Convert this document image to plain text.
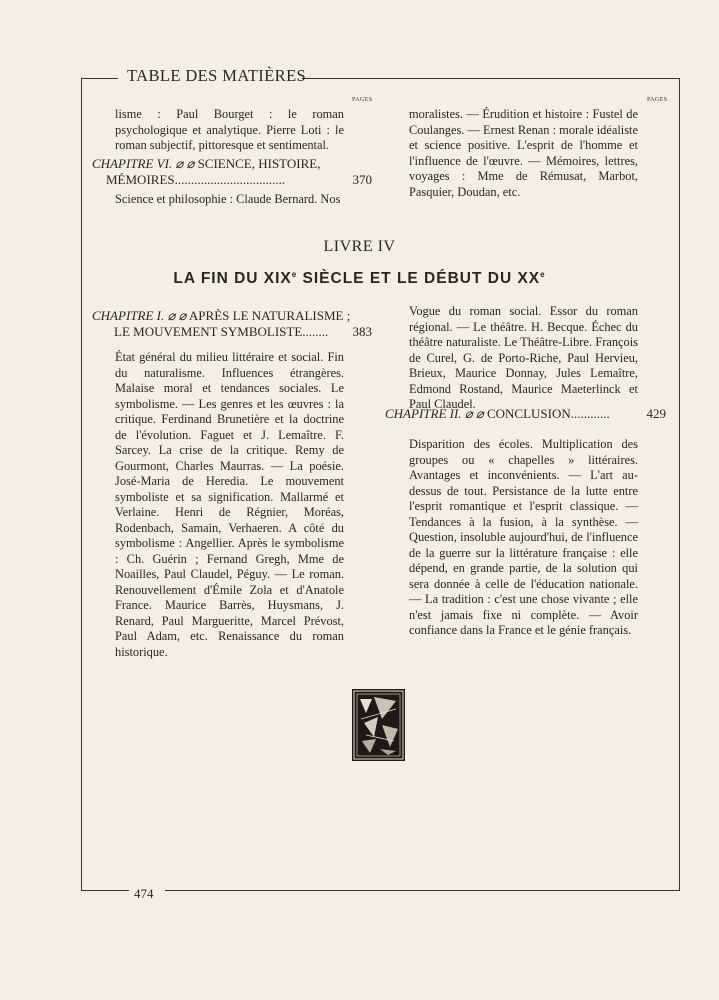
TABLE DES MATIÈRES
PAGES	PAGES

lisme : Paul Bourget : le roman psychologique et analytique. Pierre Loti : le roman subjectif, pittoresque et sentimental.

CHAPITRE VI. ⌀ ⌀ SCIENCE, HISTOIRE,
MÉMOIRES..................................	370

Science et philosophie : Claude Bernard. Nos

moralistes. — Érudition et histoire : Fustel de Coulanges. — Ernest Renan : morale idéaliste et science positive. L'esprit de l'homme et l'influence de l'œuvre. — Mémoires, lettres, voyages : Mme de Rémusat, Marbot, Pasquier, Doudan, etc.

LIVRE IV
LA FIN DU XIXe SIÈCLE ET LE DÉBUT DU XXe
CHAPITRE I. ⌀ ⌀ APRÈS LE NATURALISME ;
LE MOUVEMENT SYMBOLISTE........ 383

État général du milieu littéraire et social. Fin du naturalisme. Influences étrangères. Malaise moral et tendances sociales. Le symbolisme. — Les genres et les œuvres : la critique. Ferdinand Brunetière et la doctrine de l'évolution. Faguet et J. Lemaître. F. Sarcey. La crise de la critique. Remy de Gourmont, Charles Maurras. — La poésie. José-Maria de Heredia. Le mouvement symboliste et sa signification. Mallarmé et Verlaine. Henri de Régnier, Moréas, Rodenbach, Samain, Verhaeren. A côté du symbolisme : Angellier. Après le symbolisme : Ch. Guérin ; Fernand Gregh, Mme de Noailles, Paul Claudel, Péguy. — Le roman. Renouvellement d'Émile Zola et d'Anatole France. Maurice Barrès, Huysmans, J. Renard, Paul Margueritte, Marcel Prévost, Paul Adam, etc. Renaissance du roman historique.

Vogue du roman social. Essor du roman régional. — Le théâtre. H. Becque. Échec du théâtre naturaliste. Le Théâtre-Libre. François de Curel, G. de Porto-Riche, Paul Hervieu, Brieux, Maurice Donnay, Jules Lemaître, Edmond Rostand, Maurice Maeterlinck et Paul Claudel.

CHAPITRE II. ⌀ ⌀ CONCLUSION............	429

Disparition des écoles. Multiplication des groupes ou « chapelles » littéraires. Avantages et inconvénients. — L'art au-dessus de tout. Persistance de la lutte entre l'esprit romantique et l'esprit classique. — Tendances à la fusion, à la synthèse. — Question, insoluble aujourd'hui, de l'influence de la guerre sur la littérature française : elle dépend, en grande partie, de la solution qui sera donnée à celle de l'éducation nationale. — La tradition : c'est une chose vivante ; elle n'est jamais fixe ni complète. — Avoir confiance dans la France et le génie français.

474
